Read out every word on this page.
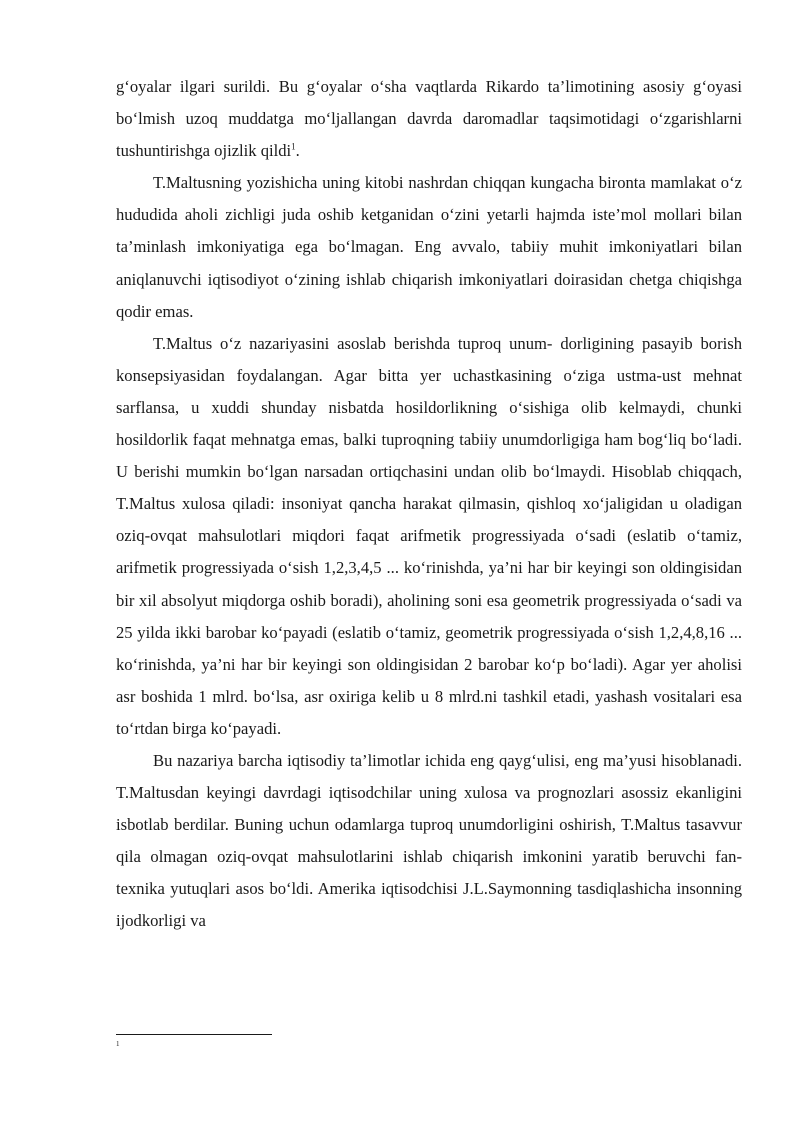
g‘oyalar ilgari surildi. Bu g‘oyalar o‘sha vaqtlarda Rikardo ta’limotining asosiy g‘oyasi bo‘lmish uzoq muddatga mo‘ljallangan davrda daromadlar taqsimotidagi o‘zgarishlarni tushuntirishga ojizlik qildi$^1$.

T.Maltusning yozishicha uning kitobi nashrdan chiqqan kungacha bironta mamlakat o‘z hududida aholi zichligi juda oshib ketganidan o‘zini yetarli hajmda iste’mol mollari bilan ta’minlash imkoniyatiga ega bo‘lmagan. Eng avvalo, tabiiy muhit imkoniyatlari bilan aniqlanuvchi iqtisodiyot o‘zining ishlab chiqarish imkoniyatlari doirasidan chetga chiqishga qodir emas.

T.Maltus o‘z nazariyasini asoslab berishda tuproq unum- dorligining pasayib borish konsepsiyasidan foydalangan. Agar bitta yer uchastkasining o‘ziga ustma-ust mehnat sarflansa, u xuddi shunday nisbatda hosildorlikning o‘sishiga olib kelmaydi, chunki hosildorlik faqat mehnatga emas, balki tuproqning tabiiy unumdorligiga ham bog‘liq bo‘ladi. U berishi mumkin bo‘lgan narsadan ortiqchasini undan olib bo‘lmaydi. Hisoblab chiqqach, T.Maltus xulosa qiladi: insoniyat qancha harakat qilmasin, qishloq xo‘jaligidan u oladigan oziq-ovqat mahsulotlari miqdori faqat arifmetik progressiyada o‘sadi (eslatib o‘tamiz, arifmetik progressiyada o‘sish 1,2,3,4,5 ... ko‘rinishda, ya’ni har bir keyingi son oldingisidan bir xil absolyut miqdorga oshib boradi), aholining soni esa geometrik progressiyada o‘sadi va 25 yilda ikki barobar ko‘payadi (eslatib o‘tamiz, geometrik progressiyada o‘sish 1,2,4,8,16 ... ko‘rinishda, ya’ni har bir keyingi son oldingisidan 2 barobar ko‘p bo‘ladi). Agar yer aholisi asr boshida 1 mlrd. bo‘lsa, asr oxiriga kelib u 8 mlrd.ni tashkil etadi, yashash vositalari esa to‘rtdan birga ko‘payadi.

Bu nazariya barcha iqtisodiy ta’limotlar ichida eng qayg‘ulisi, eng ma’yusi hisoblanadi. T.Maltusdan keyingi davrdagi iqtisodchilar uning xulosa va prognozlari asossiz ekanligini isbotlab berdilar. Buning uchun odamlarga tuproq unumdorligini oshirish, T.Maltus tasavvur qila olmagan oziq-ovqat mahsulotlarini ishlab chiqarish imkonini yaratib beruvchi fan-texnika yutuqlari asos bo‘ldi. Amerika iqtisodchisi J.L.Saymonning tasdiqlashicha insonning ijodkorligi va

1
